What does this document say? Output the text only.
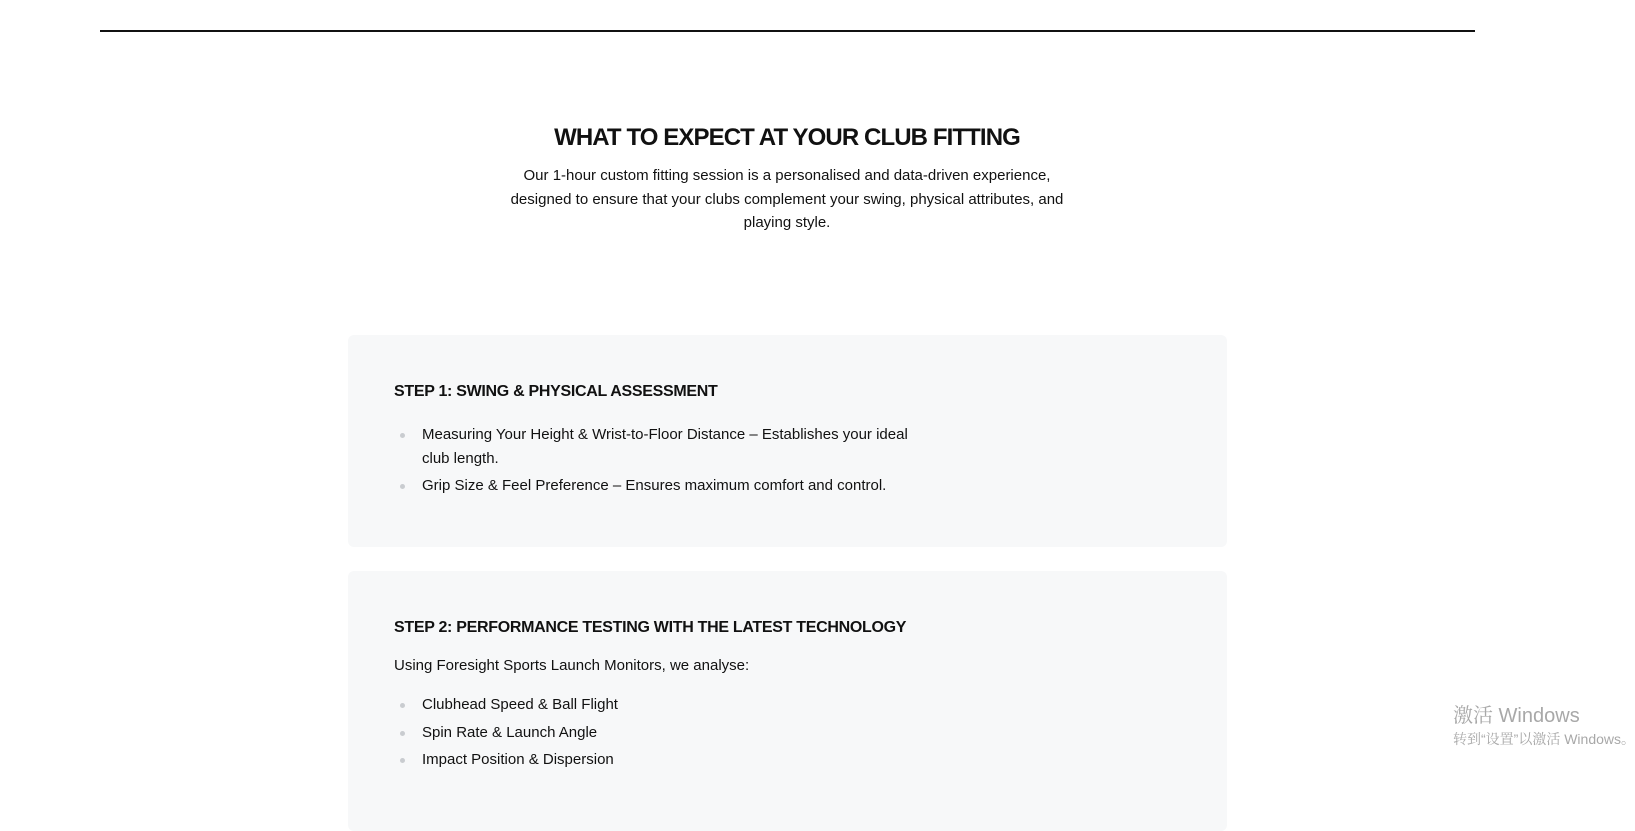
WHAT TO EXPECT AT YOUR CLUB FITTING

Our 1-hour custom fitting session is a personalised and data-driven experience, designed to ensure that your clubs complement your swing, physical attributes, and playing style.

STEP 1: SWING & PHYSICAL ASSESSMENT
Measuring Your Height & Wrist-to-Floor Distance – Establishes your ideal club length.
Grip Size & Feel Preference – Ensures maximum comfort and control.
STEP 2: PERFORMANCE TESTING WITH THE LATEST TECHNOLOGY

Using Foresight Sports Launch Monitors, we analyse:

Clubhead Speed & Ball Flight
Spin Rate & Launch Angle
Impact Position & Dispersion
激活 Windows
转到“设置”以激活 Windows。
